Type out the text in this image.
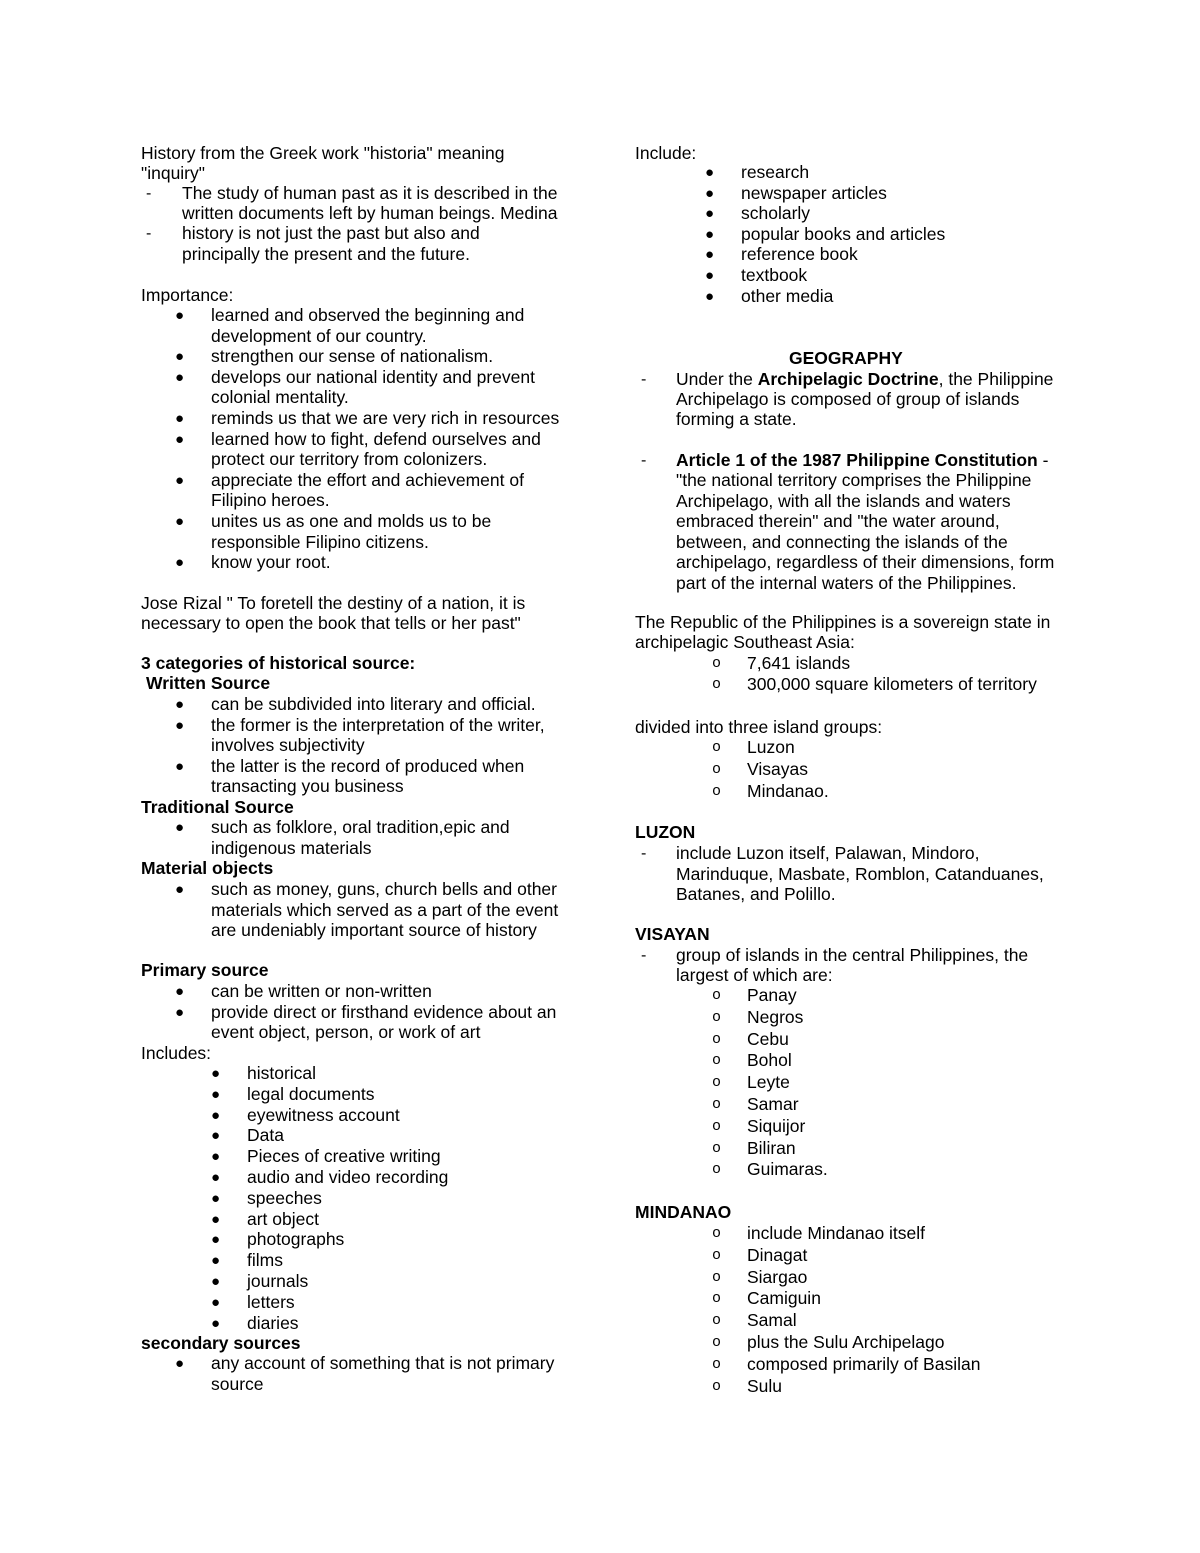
History from the Greek work "historia" meaning
"inquiry"
- The study of human past as it is described in the
written documents left by human beings. Medina
- history is not just the past but also and
principally the present and the future.
Importance:
● learned and observed the beginning and
development of our country.
● strengthen our sense of nationalism.
● develops our national identity and prevent
colonial mentality.
● reminds us that we are very rich in resources
● learned how to fight, defend ourselves and
protect our territory from colonizers.
● appreciate the effort and achievement of
Filipino heroes.
● unites us as one and molds us to be
responsible Filipino citizens.
● know your root.
Jose Rizal " To foretell the destiny of a nation, it is
necessary to open the book that tells or her past"
3 categories of historical source:
Written Source
● can be subdivided into literary and official.
● the former is the interpretation of the writer,
involves subjectivity
● the latter is the record of produced when
transacting you business
Traditional Source
● such as folklore, oral tradition,epic and
indigenous materials
Material objects
● such as money, guns, church bells and other
materials which served as a part of the event
are undeniably important source of history
Primary source
● can be written or non-written
● provide direct or firsthand evidence about an
event object, person, or work of art
Includes:
● historical
● legal documents
● eyewitness account
● Data
● Pieces of creative writing
● audio and video recording
● speeches
● art object
● photographs
● films
● journals
● letters
● diaries
secondary sources
● any account of something that is not primary
source
Include:
● research
● newspaper articles
● scholarly
● popular books and articles
● reference book
● textbook
● other media
GEOGRAPHY
- Under the Archipelagic Doctrine, the Philippine
Archipelago is composed of group of islands
forming a state.
- Article 1 of the 1987 Philippine Constitution -
"the national territory comprises the Philippine
Archipelago, with all the islands and waters
embraced therein" and "the water around,
between, and connecting the islands of the
archipelago, regardless of their dimensions, form
part of the internal waters of the Philippines.
The Republic of the Philippines is a sovereign state in
archipelagic Southeast Asia:
o 7,641 islands
o 300,000 square kilometers of territory
divided into three island groups:
o Luzon
o Visayas
o Mindanao.
LUZON
- include Luzon itself, Palawan, Mindoro,
Marinduque, Masbate, Romblon, Catanduanes,
Batanes, and Polillo.
VISAYAN
- group of islands in the central Philippines, the
largest of which are:
o Panay
o Negros
o Cebu
o Bohol
o Leyte
o Samar
o Siquijor
o Biliran
o Guimaras.
MINDANAO
o include Mindanao itself
o Dinagat
o Siargao
o Camiguin
o Samal
o plus the Sulu Archipelago
o composed primarily of Basilan
o Sulu
